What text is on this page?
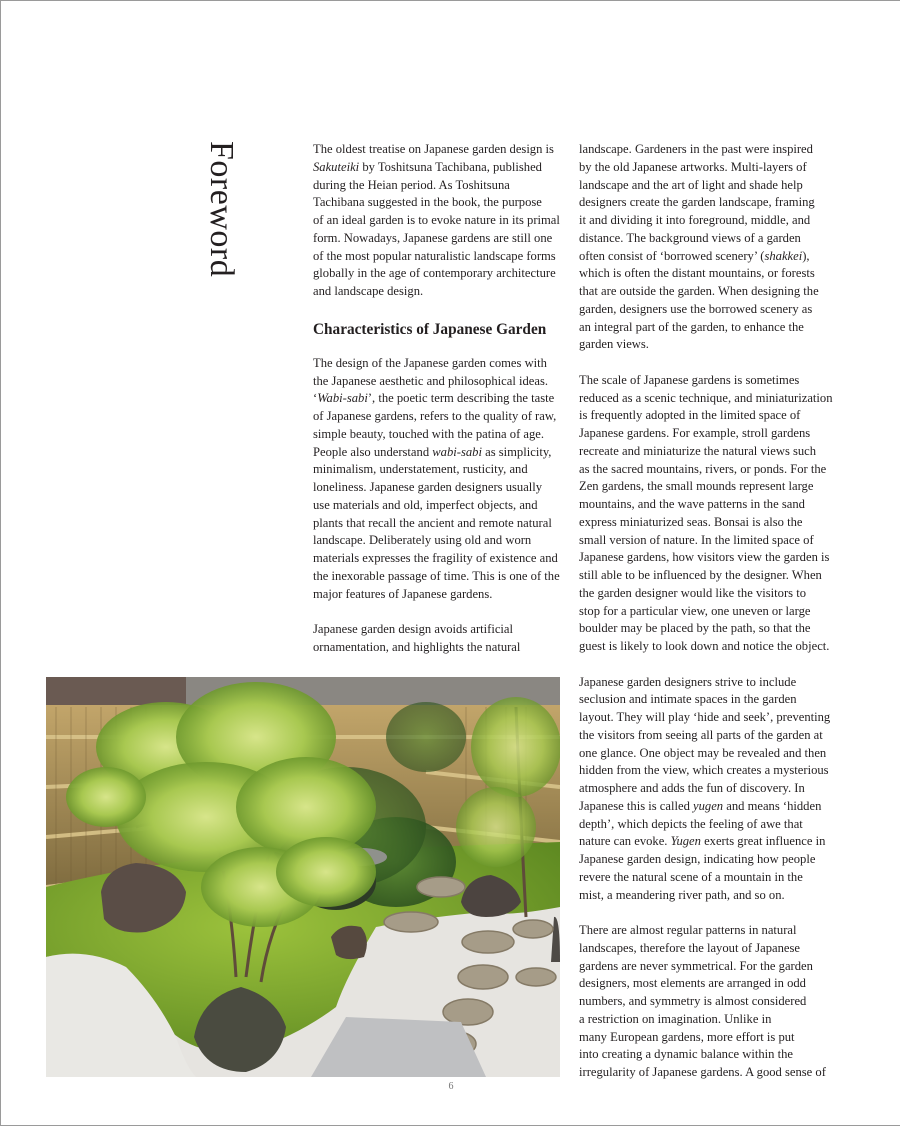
Foreword	The oldest treatise on Japanese garden design is

Sakuteiki by Toshitsuna Tachibana, published

during the Heian period. As Toshitsuna

Tachibana suggested in the book, the purpose

of an ideal garden is to evoke nature in its primal

form. Nowadays, Japanese gardens are still one

of the most popular naturalistic landscape forms

globally in the age of contemporary architecture

and landscape design.

Characteristics of Japanese Garden

The design of the Japanese garden comes with

the Japanese aesthetic and philosophical ideas.

‘Wabi-sabi’, the poetic term describing the taste

of Japanese gardens, refers to the quality of raw,

simple beauty, touched with the patina of age.

People also understand wabi-sabi as simplicity,

minimalism, understatement, rusticity, and

loneliness. Japanese garden designers usually

use materials and old, imperfect objects, and

plants that recall the ancient and remote natural

landscape. Deliberately using old and worn

materials expresses the fragility of existence and

the inexorable passage of time. This is one of the

major features of Japanese gardens.

Japanese garden design avoids artificial

ornamentation, and highlights the natural

landscape. Gardeners in the past were inspired

by the old Japanese artworks. Multi-layers of

landscape and the art of light and shade help

designers create the garden landscape, framing

it and dividing it into foreground, middle, and

distance. The background views of a garden

often consist of ‘borrowed scenery’ (shakkei),

which is often the distant mountains, or forests

that are outside the garden. When designing the

garden, designers use the borrowed scenery as

an integral part of the garden, to enhance the

garden views.

The scale of Japanese gardens is sometimes

reduced as a scenic technique, and miniaturization

is frequently adopted in the limited space of

Japanese gardens. For example, stroll gardens

recreate and miniaturize the natural views such

as the sacred mountains, rivers, or ponds. For the

Zen gardens, the small mounds represent large

mountains, and the wave patterns in the sand

express miniaturized seas. Bonsai is also the

small version of nature. In the limited space of

Japanese gardens, how visitors view the garden is

still able to be influenced by the designer. When

the garden designer would like the visitors to

stop for a particular view, one uneven or large

boulder may be placed by the path, so that the

guest is likely to look down and notice the object.

Japanese garden designers strive to include

seclusion and intimate spaces in the garden

layout. They will play ‘hide and seek’, preventing

the visitors from seeing all parts of the garden at

one glance. One object may be revealed and then

hidden from the view, which creates a mysterious

atmosphere and adds the fun of discovery. In

Japanese this is called yugen and means ‘hidden

depth’, which depicts the feeling of awe that

nature can evoke. Yugen exerts great influence in

Japanese garden design, indicating how people

revere the natural scene of a mountain in the

mist, a meandering river path, and so on.

There are almost regular patterns in natural

landscapes, therefore the layout of Japanese

gardens are never symmetrical. For the garden

designers, most elements are arranged in odd

numbers, and symmetry is almost considered

a restriction on imagination. Unlike in

many European gardens, more effort is put

into creating a dynamic balance within the

irregularity of Japanese gardens. A good sense of

6
